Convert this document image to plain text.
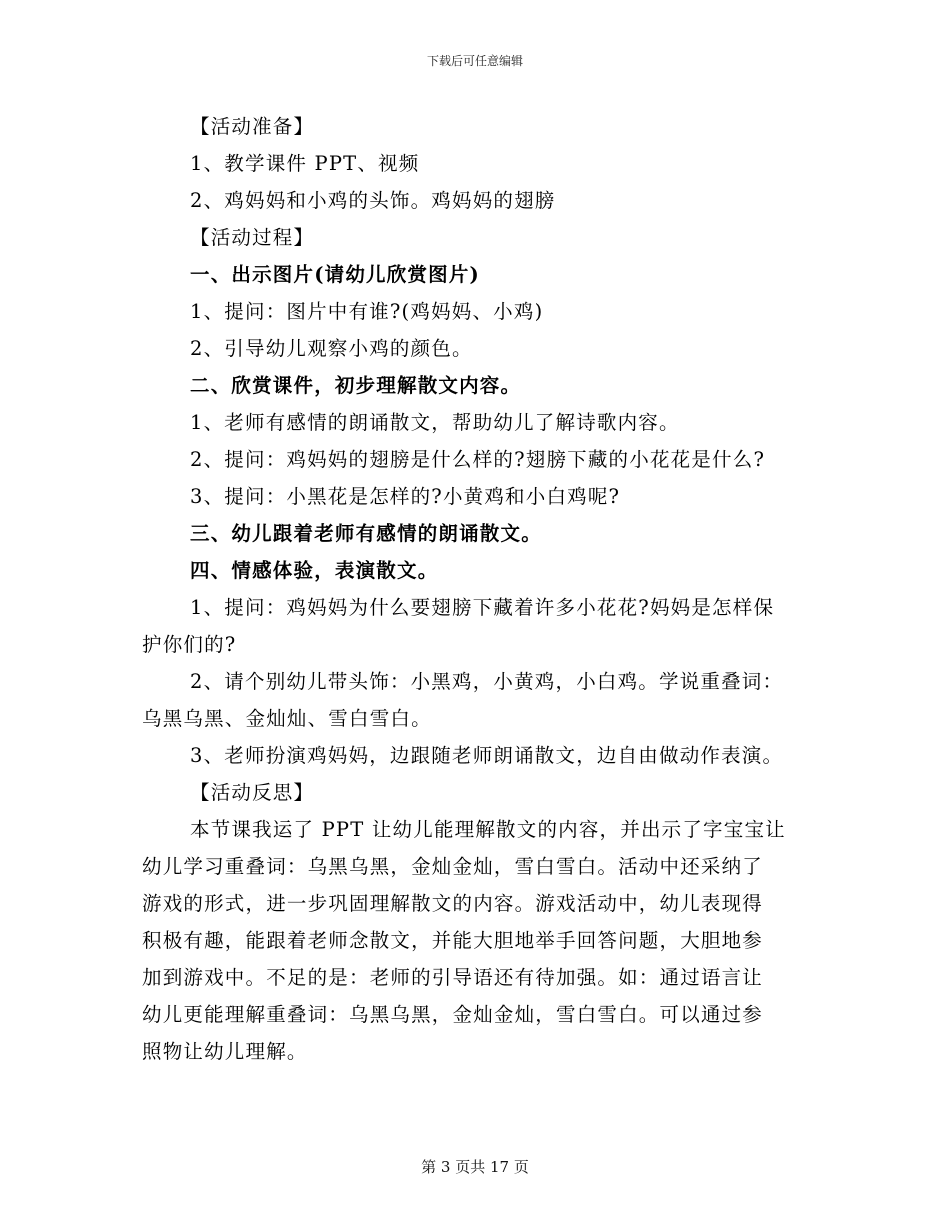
下载后可任意编辑
【活动准备】
1、教学课件 PPT、视频
2、鸡妈妈和小鸡的头饰。鸡妈妈的翅膀
【活动过程】
一、出示图片(请幼儿欣赏图片)
1、提问：图片中有谁?(鸡妈妈、小鸡)
2、引导幼儿观察小鸡的颜色。
二、欣赏课件，初步理解散文内容。
1、老师有感情的朗诵散文，帮助幼儿了解诗歌内容。
2、提问：鸡妈妈的翅膀是什么样的?翅膀下藏的小花花是什么?
3、提问：小黑花是怎样的?小黄鸡和小白鸡呢?
三、幼儿跟着老师有感情的朗诵散文。
四、情感体验，表演散文。
1、提问：鸡妈妈为什么要翅膀下藏着许多小花花?妈妈是怎样保
护你们的?
2、请个别幼儿带头饰：小黑鸡，小黄鸡，小白鸡。学说重叠词：
乌黑乌黑、金灿灿、雪白雪白。
3、老师扮演鸡妈妈，边跟随老师朗诵散文，边自由做动作表演。
【活动反思】
本节课我运了 PPT 让幼儿能理解散文的内容，并出示了字宝宝让
幼儿学习重叠词：乌黑乌黑，金灿金灿，雪白雪白。活动中还采纳了
游戏的形式，进一步巩固理解散文的内容。游戏活动中，幼儿表现得
积极有趣，能跟着老师念散文，并能大胆地举手回答问题，大胆地参
加到游戏中。不足的是：老师的引导语还有待加强。如：通过语言让
幼儿更能理解重叠词：乌黑乌黑，金灿金灿，雪白雪白。可以通过参
照物让幼儿理解。
第 3 页共 17 页
